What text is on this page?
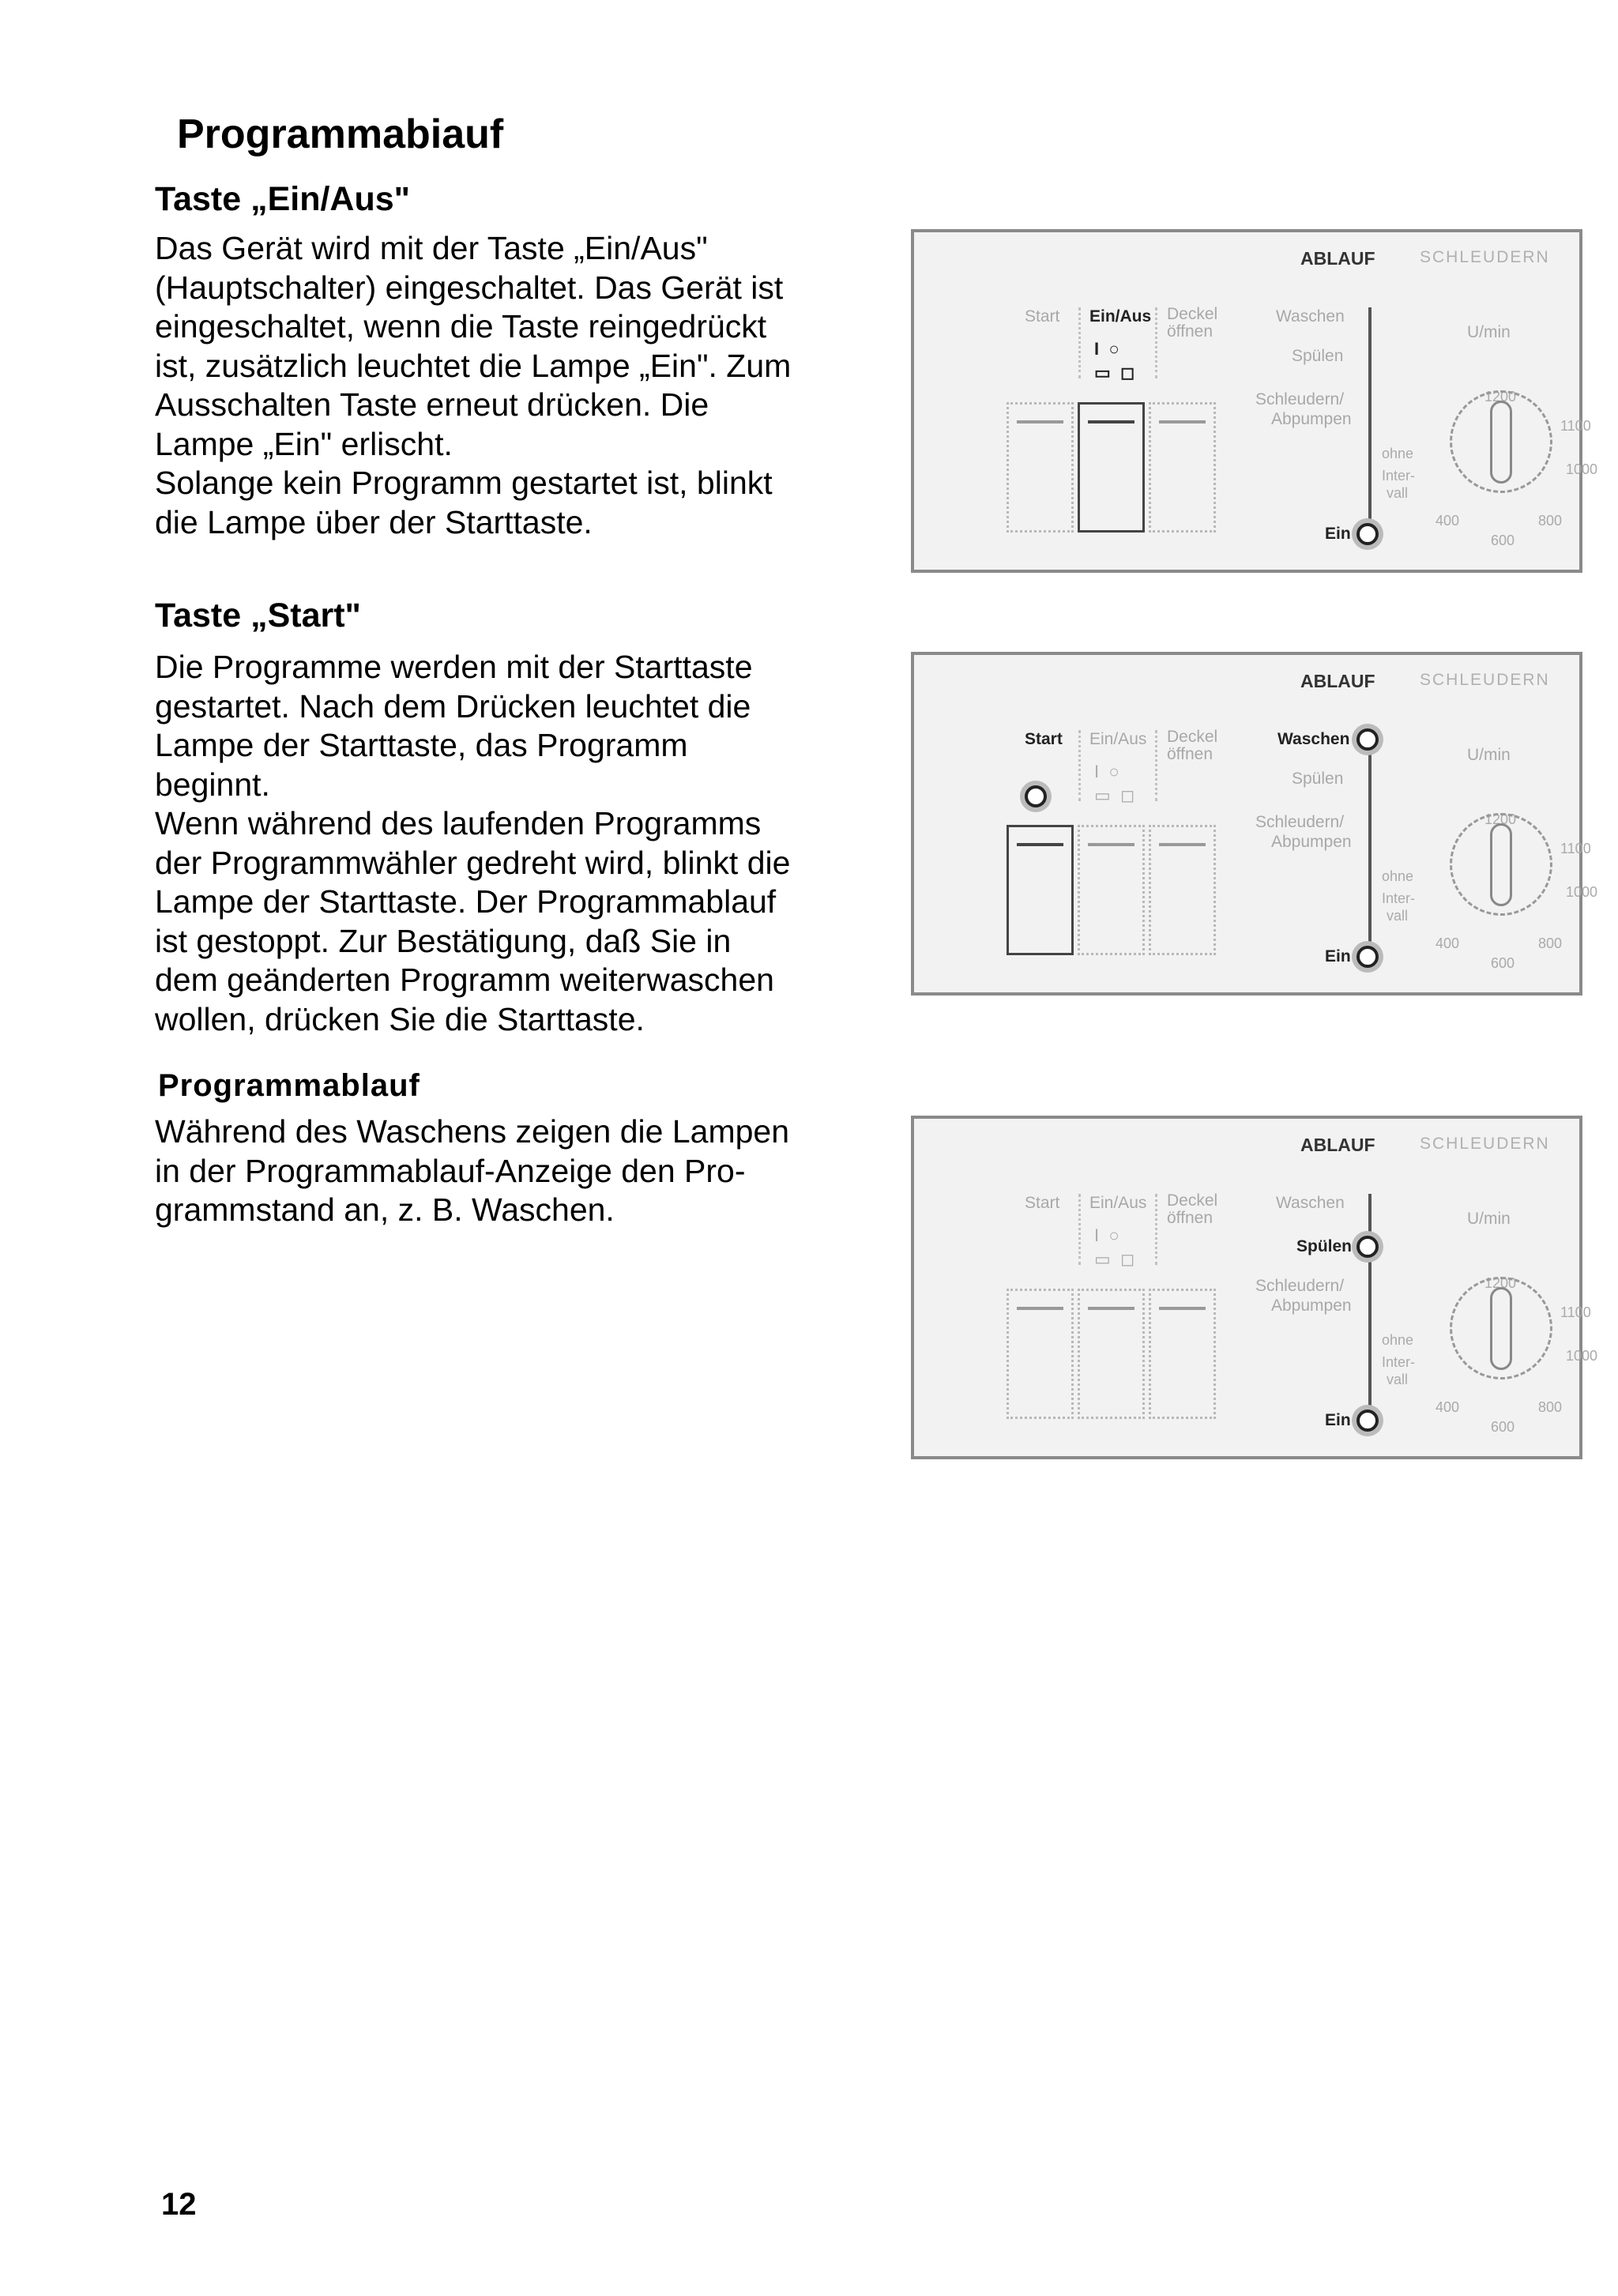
Programmabiauf
Taste „Ein/Aus"
Das Gerät wird mit der Taste „Ein/Aus"
(Hauptschalter) eingeschaltet. Das Gerät ist
eingeschaltet, wenn die Taste reingedrückt
ist, zusätzlich leuchtet die Lampe „Ein". Zum
Ausschalten Taste erneut drücken. Die
Lampe „Ein" erlischt.
Solange kein Programm gestartet ist, blinkt
die Lampe über der Starttaste.
Taste „Start"
Die Programme werden mit der Starttaste
gestartet. Nach dem Drücken leuchtet die
Lampe der Starttaste, das Programm
beginnt.
Wenn während des laufenden Programms
der Programmwähler gedreht wird, blinkt die
Lampe der Starttaste. Der Programmablauf
ist gestoppt. Zur Bestätigung, daß Sie in
dem geänderten Programm weiterwaschen
wollen, drücken Sie die Starttaste.
Programmablauf
Während des Waschens zeigen die Lampen
in der Programmablauf-Anzeige den Pro-
grammstand an, z. B. Waschen.
ABLAUF	SCHLEUDERN
Start Ein/Aus Deckel
öffnen
I  ○
▭  ◻
Waschen
Spülen
Schleudern/
Abpumpen
Ein
U/min
ohne
Inter-
vall
1200
1100
1000
800
600
400
ABLAUF	SCHLEUDERN
Start Ein/Aus Deckel
öffnen
I  ○
▭  ◻
Waschen
Spülen
Schleudern/
Abpumpen
Ein
U/min
ohne
Inter-
vall
1200
1100
1000
800
600
400
ABLAUF	SCHLEUDERN
Start Ein/Aus Deckel
öffnen
I  ○
▭  ◻
Waschen
Spülen
Schleudern/
Abpumpen
Ein
U/min
ohne
Inter-
vall
1200
1100
1000
800
600
400
12
